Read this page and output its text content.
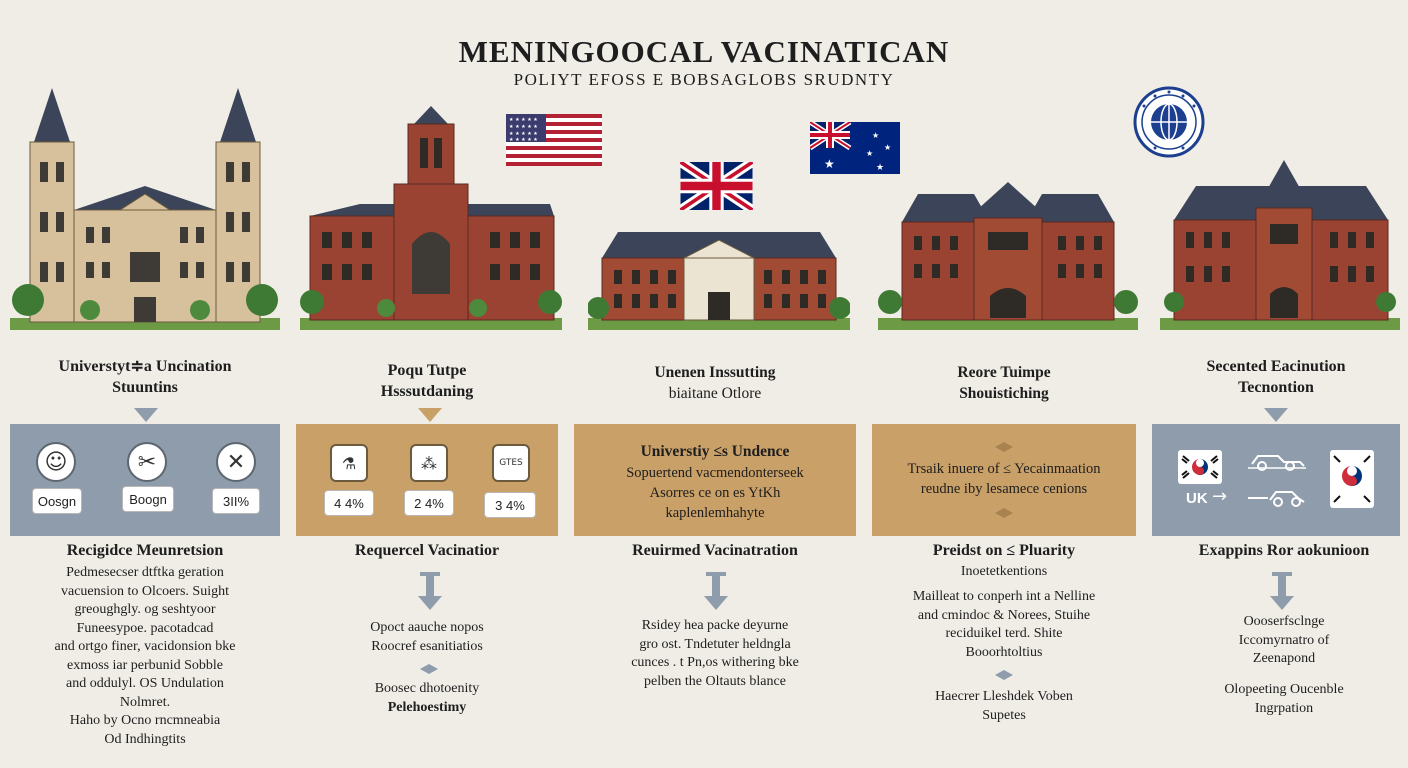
MENINGOOCAL VACINATICAN
POLIYT EFOSS E BOBSAGLOBS SRUDNTY
★ ★ ★ ★ ★
★ ★ ★ ★ ★
★ ★ ★ ★ ★
★ ★ ★ ★ ★
★
★
★
★
★
Universtyt≑a Uncination
Stuuntins
☺	✂	✕
Oosgn	Boogn	3II%
Recigidce Meunretsion
Pedmesecser dtftka geration
vacuension to Olcoers. Suight
greoughgly. og seshtyoor
Funeesypoe. pacotadcad
and ortgo finer, vacidonsion bke
exmoss iar perbunid Sobble
and oddulyl. OS Undulation
Nolmret.
Haho by Ocno rncmneabia
Od Indhingtits
Poqu Tutpe
Hsssutdaning
⚗	⁂	GTES
4 4%	2 4%	3 4%
Requercel Vacinatior
Opoct aauche nopos
Roocref esanitiatios
Boosec dhotoenity
Pelehoestimy
Unenen Inssutting
biaitane Otlore
Universtiy ≤s Undence
Sopuertend vacmendonterseek
Asorres ce on es YtKh
kaplenlemhahyte
Reuirmed Vacinatration
Rsidey hea packe deyurne
gro ost. Tndetuter heldngla
cunces . t Pn,os withering bke
pelben the Oltauts blance
Reore Tuimpe
Shouistiching
Trsaik inuere of ≤ Yecainmaation
reudne iby lesamece cenions
Preidst on ≤ Pluarity
Inoetetkentions
Mailleat to conperh int a Nelline
and cmindoc & Norees, Stuihe
reciduikel terd. Shite
Booorhtoltius
Haecrer Lleshdek Voben
Supetes
Secented Eacinution
Tecnontion
UK →
Exappins Ror aokunioon
Oooserfsclnge
Iccomyrnatro of
Zeenapond
Olopeeting Oucenble
Ingrpation
